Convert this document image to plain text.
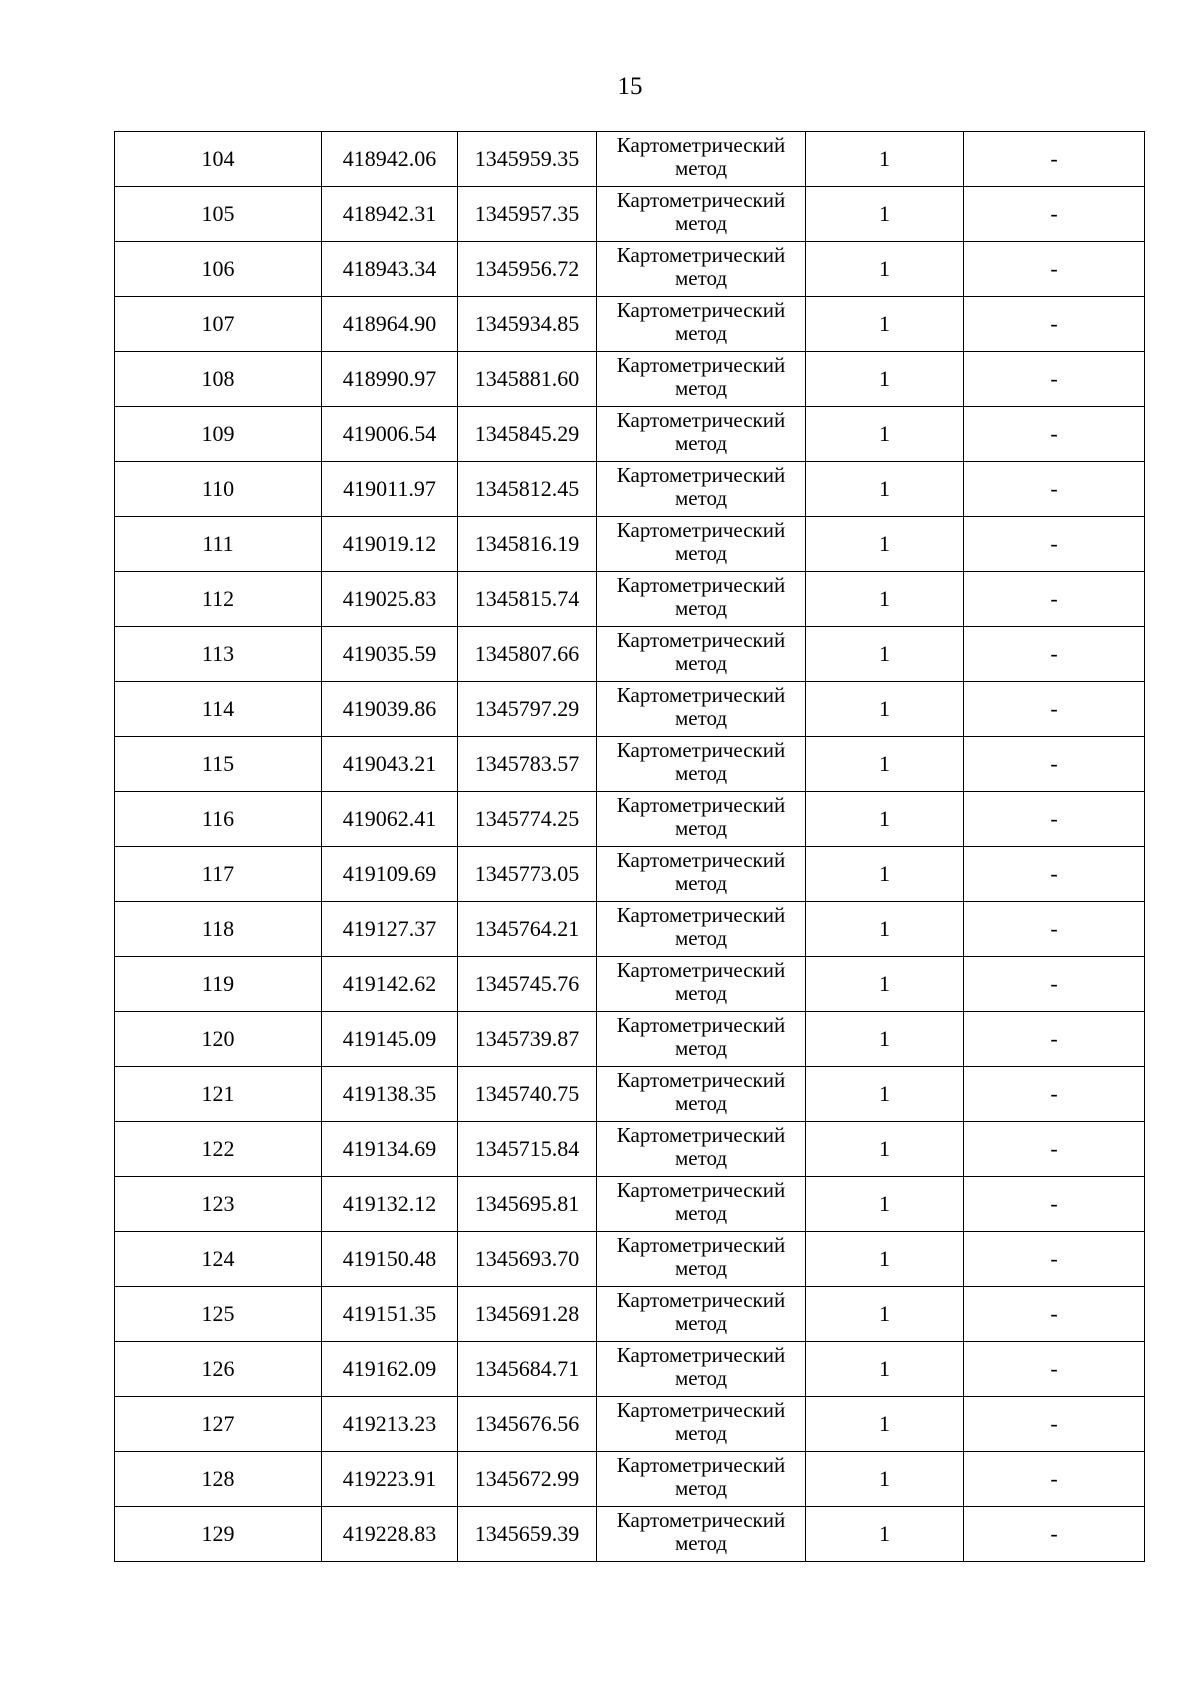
15
104	418942.06	1345959.35	Картометрический
метод	1	-
105	418942.31	1345957.35	Картометрический
метод	1	-
106	418943.34	1345956.72	Картометрический
метод	1	-
107	418964.90	1345934.85	Картометрический
метод	1	-
108	418990.97	1345881.60	Картометрический
метод	1	-
109	419006.54	1345845.29	Картометрический
метод	1	-
110	419011.97	1345812.45	Картометрический
метод	1	-
111	419019.12	1345816.19	Картометрический
метод	1	-
112	419025.83	1345815.74	Картометрический
метод	1	-
113	419035.59	1345807.66	Картометрический
метод	1	-
114	419039.86	1345797.29	Картометрический
метод	1	-
115	419043.21	1345783.57	Картометрический
метод	1	-
116	419062.41	1345774.25	Картометрический
метод	1	-
117	419109.69	1345773.05	Картометрический
метод	1	-
118	419127.37	1345764.21	Картометрический
метод	1	-
119	419142.62	1345745.76	Картометрический
метод	1	-
120	419145.09	1345739.87	Картометрический
метод	1	-
121	419138.35	1345740.75	Картометрический
метод	1	-
122	419134.69	1345715.84	Картометрический
метод	1	-
123	419132.12	1345695.81	Картометрический
метод	1	-
124	419150.48	1345693.70	Картометрический
метод	1	-
125	419151.35	1345691.28	Картометрический
метод	1	-
126	419162.09	1345684.71	Картометрический
метод	1	-
127	419213.23	1345676.56	Картометрический
метод	1	-
128	419223.91	1345672.99	Картометрический
метод	1	-
129	419228.83	1345659.39	Картометрический
метод	1	-
